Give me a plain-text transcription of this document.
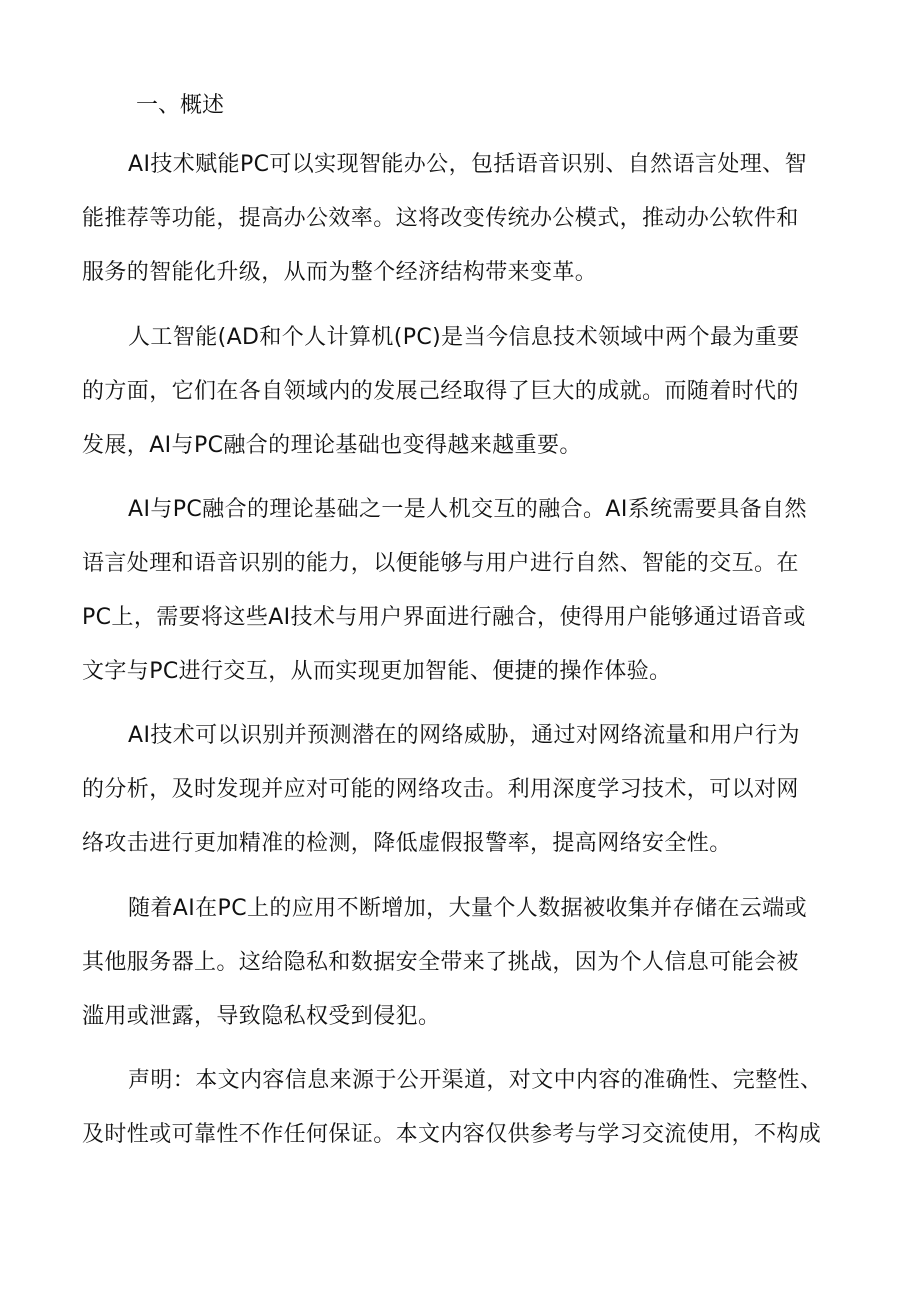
一、概述

AI技术赋能PC可以实现智能办公，包括语音识别、自然语言处理、智
能推荐等功能，提高办公效率。这将改变传统办公模式，推动办公软件和
服务的智能化升级，从而为整个经济结构带来变革。

人工智能(AD和个人计算机(PC)是当今信息技术领域中两个最为重要
的方面，它们在各自领域内的发展己经取得了巨大的成就。而随着时代的
发展，AI与PC融合的理论基础也变得越来越重要。

AI与PC融合的理论基础之一是人机交互的融合。AI系统需要具备自然
语言处理和语音识别的能力，以便能够与用户进行自然、智能的交互。在
PC上，需要将这些AI技术与用户界面进行融合，使得用户能够通过语音或
文字与PC进行交互，从而实现更加智能、便捷的操作体验。

AI技术可以识别并预测潜在的网络威胁，通过对网络流量和用户行为
的分析，及时发现并应对可能的网络攻击。利用深度学习技术，可以对网
络攻击进行更加精准的检测，降低虚假报警率，提高网络安全性。

随着AI在PC上的应用不断增加，大量个人数据被收集并存储在云端或
其他服务器上。这给隐私和数据安全带来了挑战，因为个人信息可能会被
滥用或泄露，导致隐私权受到侵犯。

声明：本文内容信息来源于公开渠道，对文中内容的准确性、完整性、
及时性或可靠性不作任何保证。本文内容仅供参考与学习交流使用，不构成
